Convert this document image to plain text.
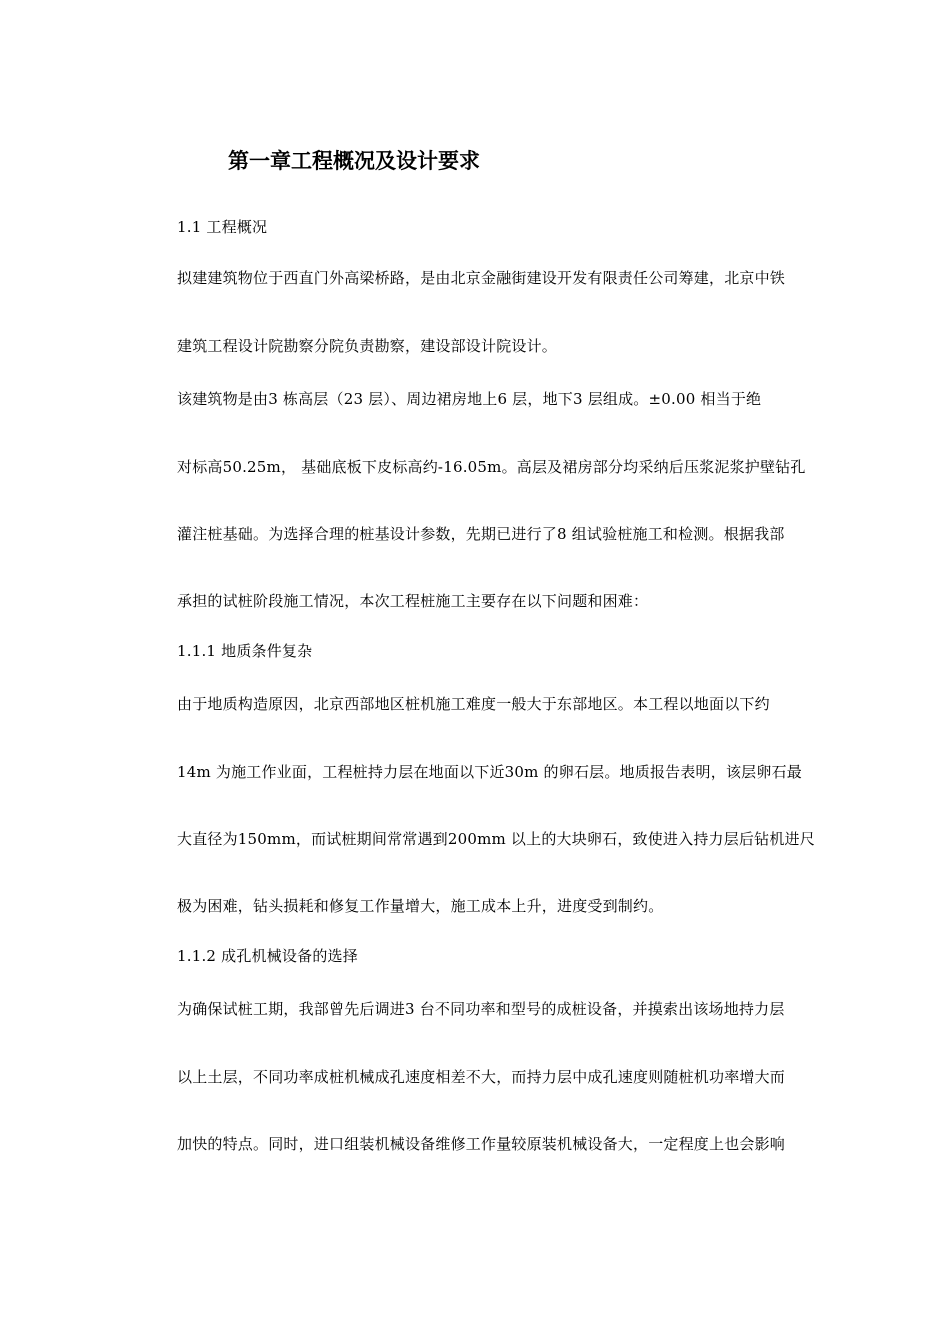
第一章工程概况及设计要求
1.1 工程概况
拟建建筑物位于西直门外高梁桥路，是由北京金融街建设开发有限责任公司筹建，北京中铁
建筑工程设计院勘察分院负责勘察，建设部设计院设计。
该建筑物是由3 栋高层（23 层）、周边裙房地上6 层，地下3 层组成。±0.00 相当于绝
对标高50.25m， 基础底板下皮标高约-16.05m。高层及裙房部分均采纳后压浆泥浆护壁钻孔
灌注桩基础。为选择合理的桩基设计参数，先期已进行了8 组试验桩施工和检测。根据我部
承担的试桩阶段施工情况，本次工程桩施工主要存在以下问题和困难：
1.1.1 地质条件复杂
由于地质构造原因，北京西部地区桩机施工难度一般大于东部地区。本工程以地面以下约
14m 为施工作业面，工程桩持力层在地面以下近30m 的卵石层。地质报告表明，该层卵石最
大直径为150mm，而试桩期间常常遇到200mm 以上的大块卵石，致使进入持力层后钻机进尺
极为困难，钻头损耗和修复工作量增大，施工成本上升，进度受到制约。
1.1.2 成孔机械设备的选择
为确保试桩工期，我部曾先后调进3 台不同功率和型号的成桩设备，并摸索出该场地持力层
以上土层，不同功率成桩机械成孔速度相差不大，而持力层中成孔速度则随桩机功率增大而
加快的特点。同时，进口组装机械设备维修工作量较原装机械设备大，一定程度上也会影响
